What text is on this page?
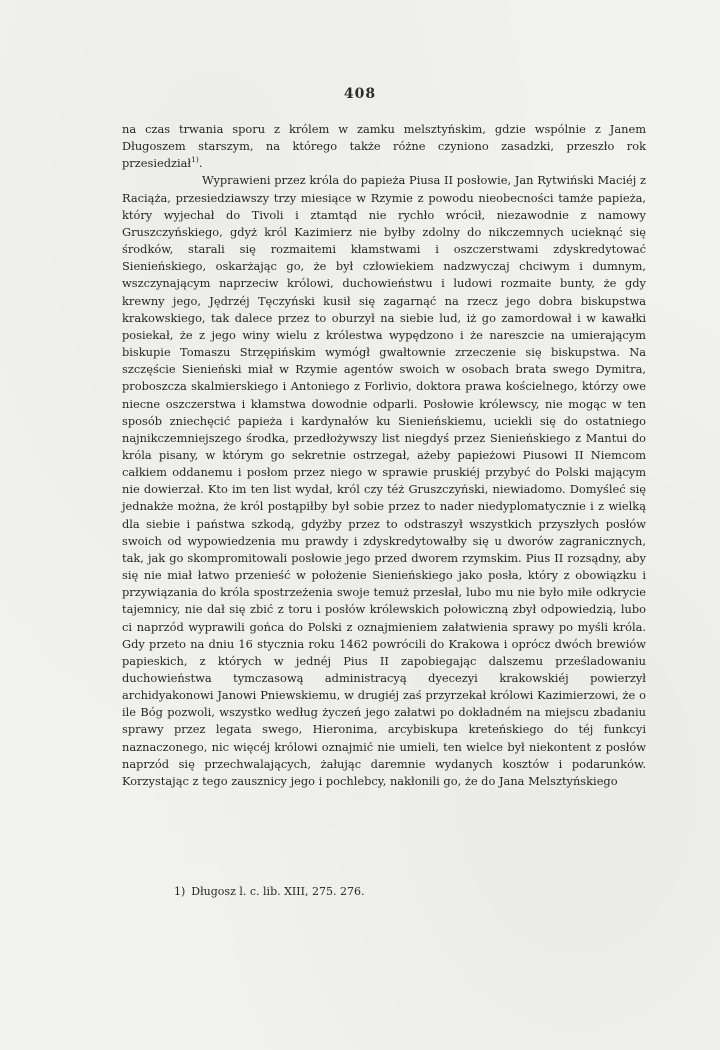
408

na czas trwania sporu z królem w zamku melsztyńskim, gdzie wspólnie z Janem Długoszem starszym, na którego także różne czyniono zasadzki, przeszło rok przesiedział$^{1)}$.

Wyprawieni przez króla do papieża Piusa II posłowie, Jan Rytwiński Maciéj z Raciąża, przesiedziawszy trzy miesiące w Rzymie z powodu nieobecności tamże papieża, który wyjechał do Tivoli i ztamtąd nie rychło wrócił, niezawodnie z namowy Gruszczyńskiego, gdyż król Kazimierz nie byłby zdolny do nikczemnych ucieknąć się środków, starali się rozmaitemi kłamstwami i oszczerstwami zdyskredytować Sienieńskiego, oskarżając go, że był człowiekiem nadzwyczaj chciwym i dumnym, wszczynającym naprzeciw królowi, duchowieństwu i ludowi rozmaite bunty, że gdy krewny jego, Jędrzéj Tęczyński kusił się zagarnąć na rzecz jego dobra biskupstwa krakowskiego, tak dalece przez to oburzył na siebie lud, iż go zamordował i w kawałki posiekał, że z jego winy wielu z królestwa wypędzono i że nareszcie na umierającym biskupie Tomaszu Strzępińskim wymógł gwałtownie zrzeczenie się biskupstwa. Na szczęście Sienieński miał w Rzymie agentów swoich w osobach brata swego Dymitra, proboszcza skalmierskiego i Antoniego z Forlivio, doktora prawa kościelnego, którzy owe niecne oszczerstwa i kłamstwa dowodnie odparli. Posłowie królewscy, nie mogąc w ten sposób zniechęcić papieża i kardynałów ku Sienieńskiemu, uciekli się do ostatniego najnikczemniejszego środka, przedłożywszy list niegdyś przez Sienieńskiego z Mantui do króla pisany, w którym go sekretnie ostrzegał, ażeby papieżowi Piusowi II Niemcom całkiem oddanemu i posłom przez niego w sprawie pruskiéj przybyć do Polski mającym nie dowierzał. Kto im ten list wydał, król czy téż Gruszczyński, niewiadomo. Domyślеć się jednakże można, że król postąpiłby był sobie przez to nader niedyplomatycznie i z wielką dla siebie i państwa szkodą, gdyżby przez to odstraszył wszystkich przyszłych posłów swoich od wypowiedzenia mu prawdy i zdyskredytowałby się u dworów zagranicznych, tak, jak go skompromitowali posłowie jego przed dworem rzymskim. Pius II rozsądny, aby się nie miał łatwo przenieść w położenie Sienieńskiego jako posła, który z obowiązku i przywiązania do króla spostrzeżenia swoje temuż przesłał, lubo mu nie było miłe odkrycie tajemnicy, nie dał się zbić z toru i posłów królewskich połowiczną zbył odpowiedzią, lubo ci naprzód wyprawili gońca do Polski z oznajmieniem załatwienia sprawy po myśli króla. Gdy przeto na dniu 16 stycznia roku 1462 powrócili do Krakowa i oprócz dwóch brewiów papieskich, z których w jednéj Pius II zapobiegając dalszemu prześladowaniu duchowieństwa tymczasową administracyą dyecezyi krakowskiéj powierzył archidyakonowi Janowi Pniewskiemu, w drugiéj zaś przyrzekał królowi Kazimierzowi, że o ile Bóg pozwoli, wszystko według życzeń jego załatwi po dokładném na miejscu zbadaniu sprawy przez legata swego, Hieronima, arcybiskupa kreteńskiego do téj funkcyi naznaczonego, nic więcéj królowi oznajmić nie umieli, ten wielce był niekontent z posłów naprzód się przechwalających, żałując daremnie wydanych kosztów i podarunków. Korzystając z tego zausznicy jego i pochlebcy, nakłonili go, że do Jana Melsztyńskiego

1) Długosz l. c. lib. XIII, 275. 276.
